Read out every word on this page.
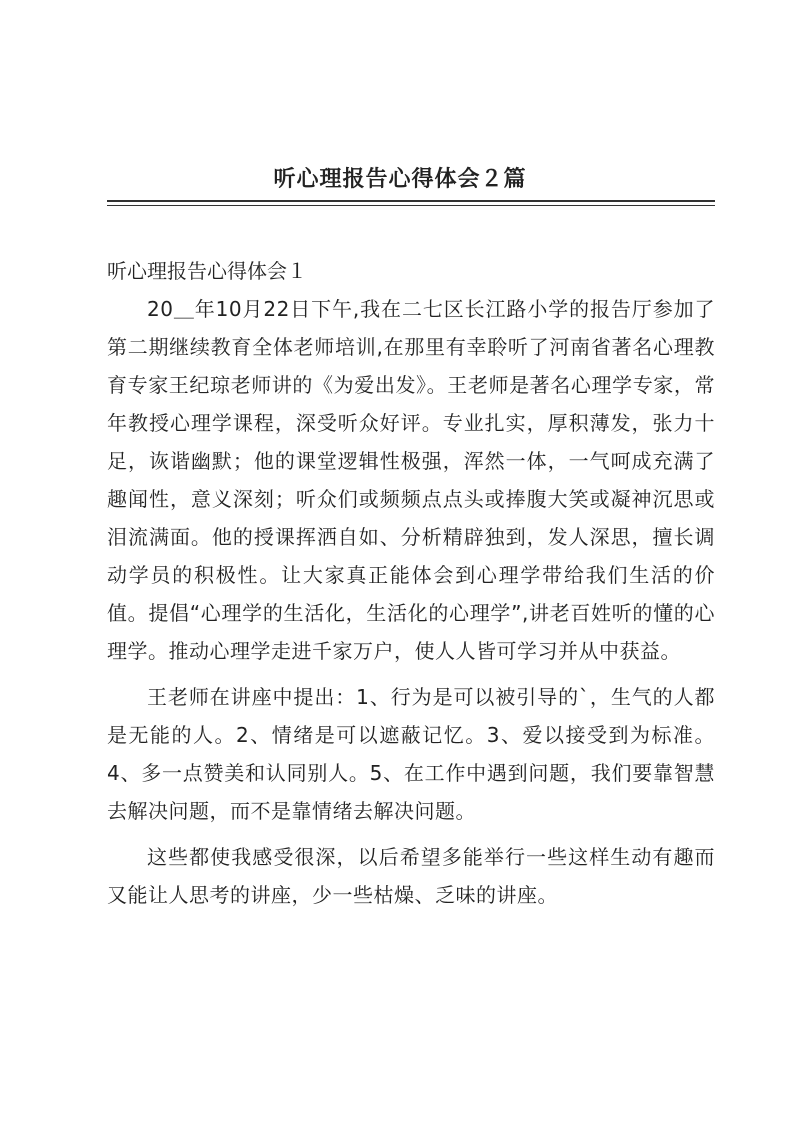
听心理报告心得体会２篇

听心理报告心得体会１

20＿年10月22日下午,我在二七区长江路小学的报告厅参加了第二期继续教育全体老师培训,在那里有幸聆听了河南省著名心理教育专家王纪琼老师讲的《为爱出发》。王老师是著名心理学专家，常年教授心理学课程，深受听众好评。专业扎实，厚积薄发，张力十足，诙谐幽默；他的课堂逻辑性极强，浑然一体，一气呵成充满了趣闻性，意义深刻；听众们或频频点点头或捧腹大笑或凝神沉思或泪流满面。他的授课挥洒自如、分析精辟独到，发人深思，擅长调动学员的积极性。让大家真正能体会到心理学带给我们生活的价值。提倡“心理学的生活化，生活化的心理学”,讲老百姓听的懂的心理学。推动心理学走进千家万户，使人人皆可学习并从中获益。

王老师在讲座中提出：1、行为是可以被引导的`，生气的人都是无能的人。2、情绪是可以遮蔽记忆。3、爱以接受到为标准。4、多一点赞美和认同别人。5、在工作中遇到问题，我们要靠智慧去解决问题，而不是靠情绪去解决问题。

这些都使我感受很深，以后希望多能举行一些这样生动有趣而又能让人思考的讲座，少一些枯燥、乏味的讲座。
